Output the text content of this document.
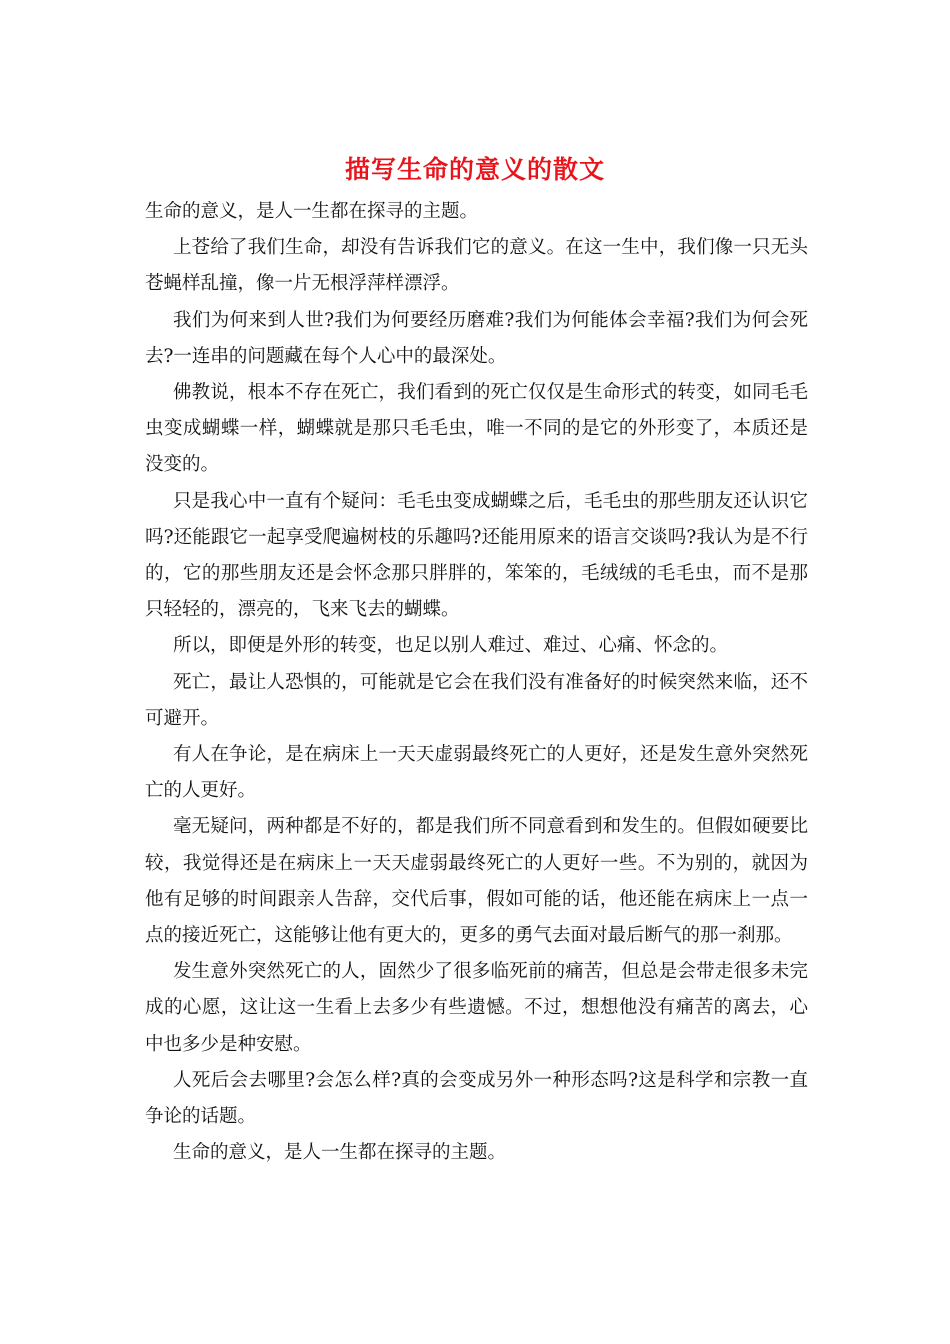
描写生命的意义的散文

生命的意义，是人一生都在探寻的主题。

上苍给了我们生命，却没有告诉我们它的意义。在这一生中，我们像一只无头苍蝇样乱撞，像一片无根浮萍样漂浮。

我们为何来到人世?我们为何要经历磨难?我们为何能体会幸福?我们为何会死去?一连串的问题藏在每个人心中的最深处。

佛教说，根本不存在死亡，我们看到的死亡仅仅是生命形式的转变，如同毛毛虫变成蝴蝶一样，蝴蝶就是那只毛毛虫，唯一不同的是它的外形变了，本质还是没变的。

只是我心中一直有个疑问：毛毛虫变成蝴蝶之后，毛毛虫的那些朋友还认识它吗?还能跟它一起享受爬遍树枝的乐趣吗?还能用原来的语言交谈吗?我认为是不行的，它的那些朋友还是会怀念那只胖胖的，笨笨的，毛绒绒的毛毛虫，而不是那只轻轻的，漂亮的，飞来飞去的蝴蝶。

所以，即便是外形的转变，也足以别人难过、难过、心痛、怀念的。

死亡，最让人恐惧的，可能就是它会在我们没有准备好的时候突然来临，还不可避开。

有人在争论，是在病床上一天天虚弱最终死亡的人更好，还是发生意外突然死亡的人更好。

毫无疑问，两种都是不好的，都是我们所不同意看到和发生的。但假如硬要比较，我觉得还是在病床上一天天虚弱最终死亡的人更好一些。不为别的，就因为他有足够的时间跟亲人告辞，交代后事，假如可能的话，他还能在病床上一点一点的接近死亡，这能够让他有更大的，更多的勇气去面对最后断气的那一刹那。

发生意外突然死亡的人，固然少了很多临死前的痛苦，但总是会带走很多未完成的心愿，这让这一生看上去多少有些遗憾。不过，想想他没有痛苦的离去，心中也多少是种安慰。

人死后会去哪里?会怎么样?真的会变成另外一种形态吗?这是科学和宗教一直争论的话题。

生命的意义，是人一生都在探寻的主题。
